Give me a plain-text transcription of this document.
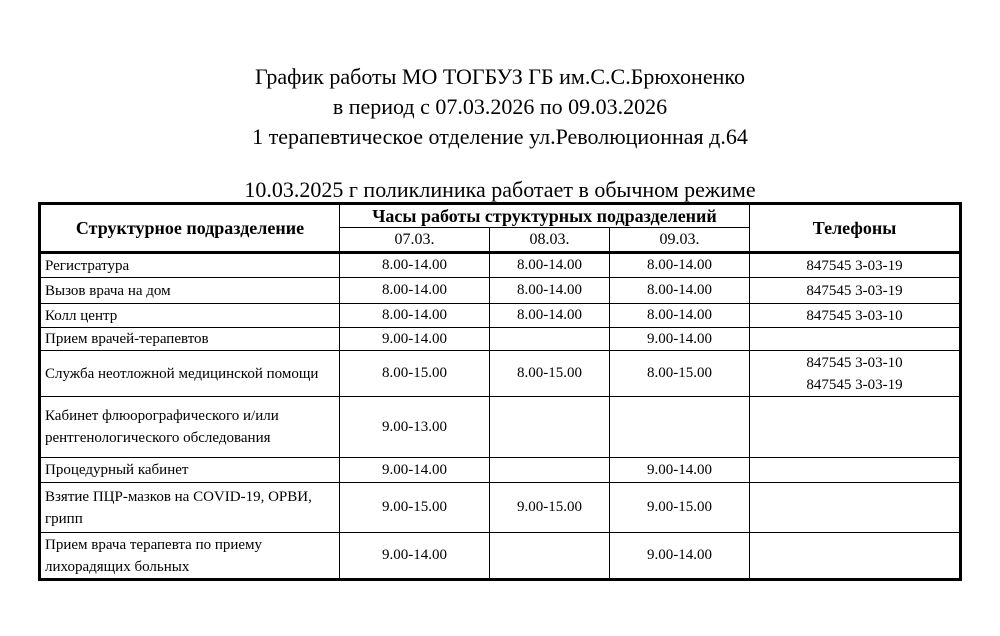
График работы МО ТОГБУЗ ГБ им.С.С.Брюхоненко
в период с 07.03.2026 по 09.03.2026
1 терапевтическое отделение ул.Революционная д.64
10.03.2025 г поликлиника работает в обычном режиме
Структурное подразделение	Часы работы структурных подразделений			Телефоны
	07.03.	08.03.	09.03.	
Регистратура	8.00-14.00	8.00-14.00	8.00-14.00	847545 3-03-19

Вызов врача на дом	8.00-14.00	8.00-14.00	8.00-14.00	847545 3-03-19

Колл центр	8.00-14.00	8.00-14.00	8.00-14.00	847545 3-03-10

Прием врачей-терапевтов	9.00-14.00		9.00-14.00	

Служба неотложной медицинской помощи	8.00-15.00	8.00-15.00	8.00-15.00	847545 3-03-10
847545 3-03-19

Кабинет флюорографического и/или рентгенологического обследования	9.00-13.00			

Процедурный кабинет	9.00-14.00		9.00-14.00	

Взятие ПЦР-мазков на COVID-19, ОРВИ, грипп	9.00-15.00	9.00-15.00	9.00-15.00	

Прием врача терапевта по приему лихорадящих больных	9.00-14.00		9.00-14.00	
